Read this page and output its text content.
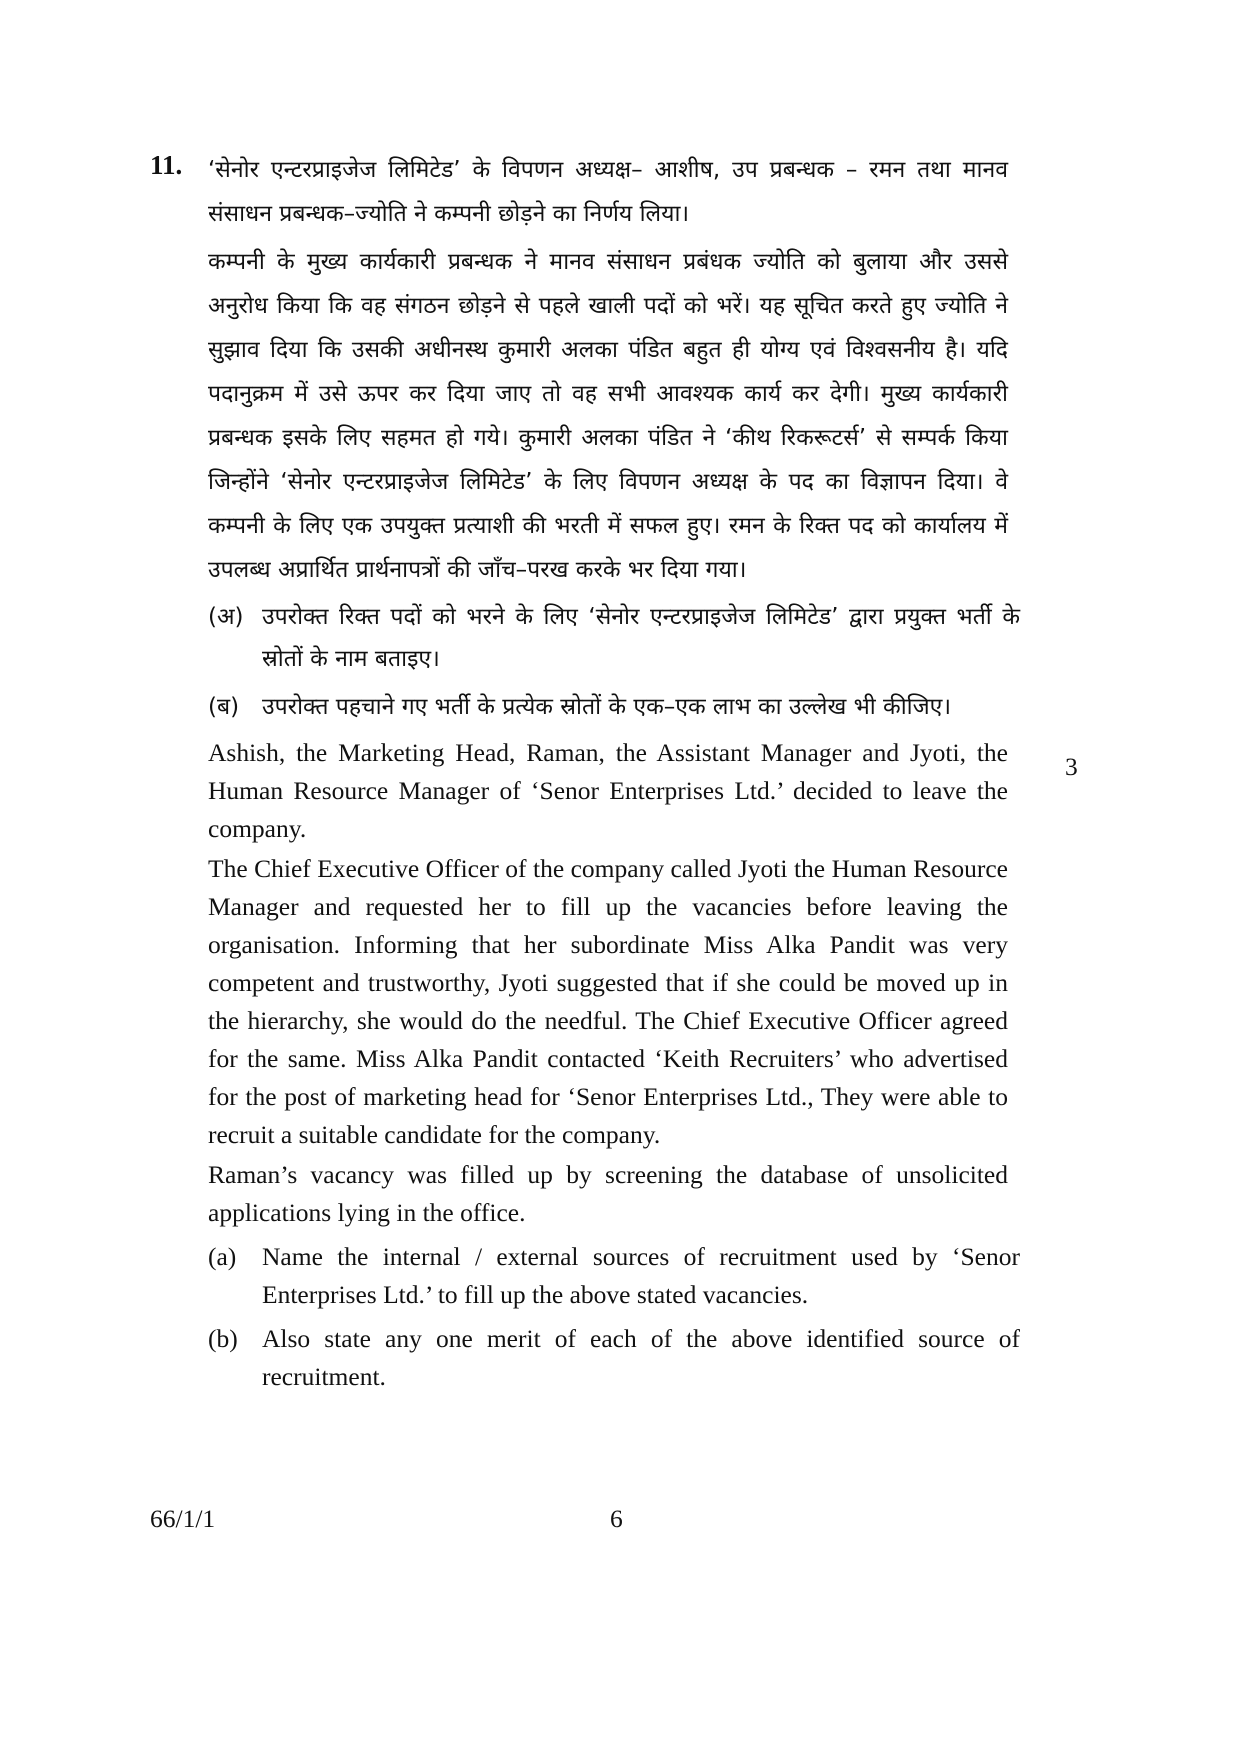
11. ‘सेनोर एन्टरप्राइजेज लिमिटेड’ के विपणन अध्यक्ष– आशीष, उप प्रबन्धक – रमन तथा मानव संसाधन प्रबन्धक–ज्योति ने कम्पनी छोड़ने का निर्णय लिया।

कम्पनी के मुख्य कार्यकारी प्रबन्धक ने मानव संसाधन प्रबंधक ज्योति को बुलाया और उससे अनुरोध किया कि वह संगठन छोड़ने से पहले खाली पदों को भरें। यह सूचित करते हुए ज्योति ने सुझाव दिया कि उसकी अधीनस्थ कुमारी अलका पंडित बहुत ही योग्य एवं विश्वसनीय है। यदि पदानुक्रम में उसे ऊपर कर दिया जाए तो वह सभी आवश्यक कार्य कर देगी। मुख्य कार्यकारी प्रबन्धक इसके लिए सहमत हो गये। कुमारी अलका पंडित ने ‘कीथ रिकरूटर्स’ से सम्पर्क किया जिन्होंने ‘सेनोर एन्टरप्राइजेज लिमिटेड’ के लिए विपणन अध्यक्ष के पद का विज्ञापन दिया। वे कम्पनी के लिए एक उपयुक्त प्रत्याशी की भरती में सफल हुए। रमन के रिक्त पद को कार्यालय में उपलब्ध अप्रार्थित प्रार्थनापत्रों की जाँच–परख करके भर दिया गया।

(अ) उपरोक्त रिक्त पदों को भरने के लिए ‘सेनोर एन्टरप्राइजेज लिमिटेड’ द्वारा प्रयुक्त भर्ती के स्रोतों के नाम बताइए।
(ब) उपरोक्त पहचाने गए भर्ती के प्रत्येक स्रोतों के एक–एक लाभ का उल्लेख भी कीजिए।

Ashish, the Marketing Head, Raman, the Assistant Manager and Jyoti, the Human Resource Manager of ‘Senor Enterprises Ltd.’ decided to leave the company.

The Chief Executive Officer of the company called Jyoti the Human Resource Manager and requested her to fill up the vacancies before leaving the organisation. Informing that her subordinate Miss Alka Pandit was very competent and trustworthy, Jyoti suggested that if she could be moved up in the hierarchy, she would do the needful. The Chief Executive Officer agreed for the same. Miss Alka Pandit contacted ‘Keith Recruiters’ who advertised for the post of marketing head for ‘Senor Enterprises Ltd., They were able to recruit a suitable candidate for the company.

Raman’s vacancy was filled up by screening the database of unsolicited applications lying in the office.

(a)	Name the internal / external sources of recruitment used by ‘Senor Enterprises Ltd.’ to fill up the above stated vacancies.
(b) Also state any one merit of each of the above identified source of recruitment.
3
66/1/1	6
